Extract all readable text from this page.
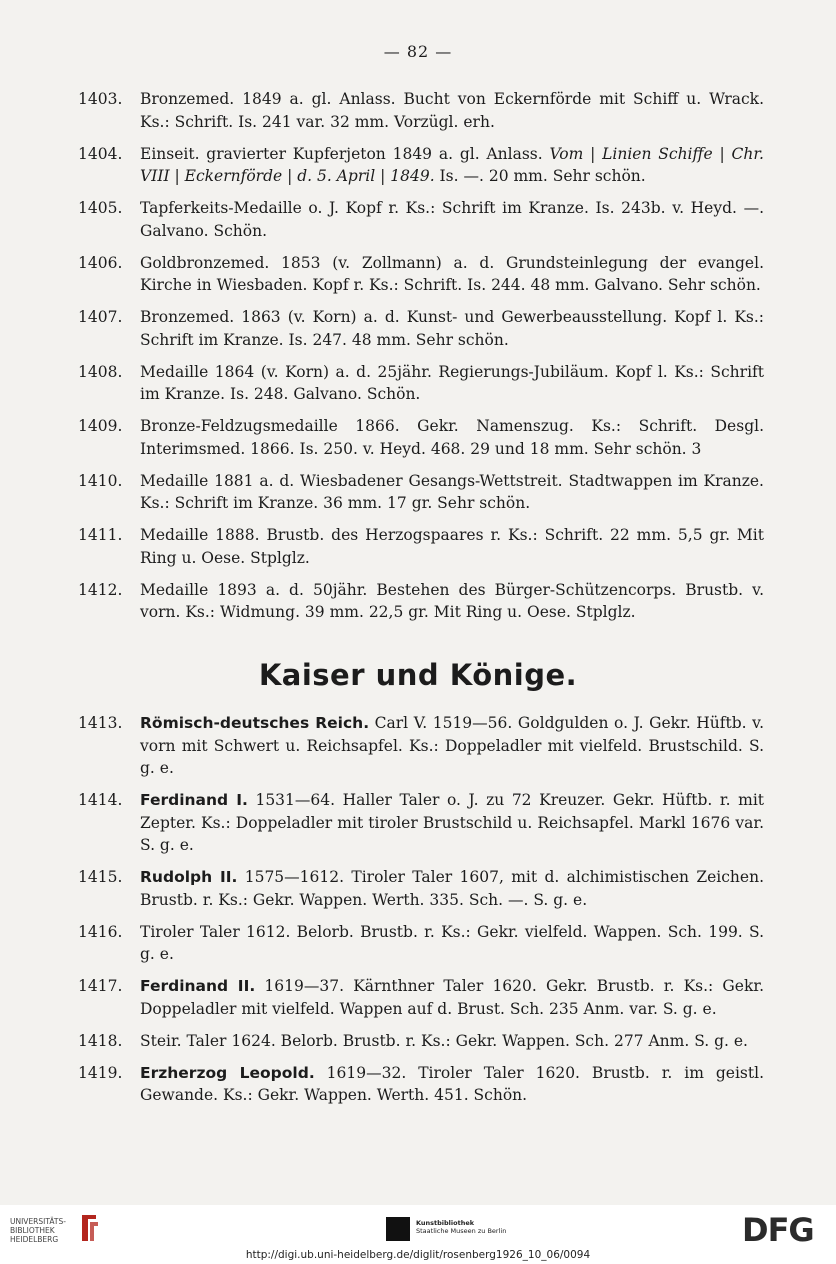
— 82 —
1403.	Bronzemed. 1849 a. gl. Anlass. Bucht von Eckernförde mit Schiff u. Wrack. Ks.: Schrift. Is. 241 var. 32 mm. Vorzügl. erh.
1404.	Einseit. gravierter Kupferjeton 1849 a. gl. Anlass. Vom | Linien Schiffe | Chr. VIII | Eckernförde | d. 5. April | 1849. Is. —. 20 mm. Sehr schön.
1405.	Tapferkeits-Medaille o. J. Kopf r. Ks.: Schrift im Kranze. Is. 243b. v. Heyd. —. Galvano. Schön.
1406.	Goldbronzemed. 1853 (v. Zollmann) a. d. Grundsteinlegung der evangel. Kirche in Wiesbaden. Kopf r. Ks.: Schrift. Is. 244. 48 mm. Galvano. Sehr schön.
1407.	Bronzemed. 1863 (v. Korn) a. d. Kunst- und Gewerbeausstellung. Kopf l. Ks.: Schrift im Kranze. Is. 247. 48 mm. Sehr schön.
1408.	Medaille 1864 (v. Korn) a. d. 25jähr. Regierungs-Jubiläum. Kopf l. Ks.: Schrift im Kranze. Is. 248. Galvano. Schön.
1409.	Bronze-Feldzugsmedaille 1866. Gekr. Namenszug. Ks.: Schrift. Desgl. Interimsmed. 1866. Is. 250. v. Heyd. 468. 29 und 18 mm. Sehr schön. 3
1410.	Medaille 1881 a. d. Wiesbadener Gesangs-Wettstreit. Stadtwappen im Kranze. Ks.: Schrift im Kranze. 36 mm. 17 gr. Sehr schön.
1411.	Medaille 1888. Brustb. des Herzogspaares r. Ks.: Schrift. 22 mm. 5,5 gr. Mit Ring u. Oese. Stplglz.
1412.	Medaille 1893 a. d. 50jähr. Bestehen des Bürger-Schützencorps. Brustb. v. vorn. Ks.: Widmung. 39 mm. 22,5 gr. Mit Ring u. Oese. Stplglz.
Kaiser und Könige.
1413.	Römisch-deutsches Reich. Carl V. 1519—56. Goldgulden o. J. Gekr. Hüftb. v. vorn mit Schwert u. Reichsapfel. Ks.: Doppeladler mit vielfeld. Brustschild. S. g. e.
1414.	Ferdinand I. 1531—64. Haller Taler o. J. zu 72 Kreuzer. Gekr. Hüftb. r. mit Zepter. Ks.: Doppeladler mit tiroler Brustschild u. Reichsapfel. Markl 1676 var. S. g. e.
1415.	Rudolph II. 1575—1612. Tiroler Taler 1607, mit d. alchimistischen Zeichen. Brustb. r. Ks.: Gekr. Wappen. Werth. 335. Sch. —. S. g. e.
1416.	Tiroler Taler 1612. Belorb. Brustb. r. Ks.: Gekr. vielfeld. Wappen. Sch. 199. S. g. e.
1417.	Ferdinand II. 1619—37. Kärnthner Taler 1620. Gekr. Brustb. r. Ks.: Gekr. Doppeladler mit vielfeld. Wappen auf d. Brust. Sch. 235 Anm. var. S. g. e.
1418.	Steir. Taler 1624. Belorb. Brustb. r. Ks.: Gekr. Wappen. Sch. 277 Anm. S. g. e.
1419.	Erzherzog Leopold. 1619—32. Tiroler Taler 1620. Brustb. r. im geistl. Gewande. Ks.: Gekr. Wappen. Werth. 451. Schön.
UNIVERSITÄTS-
BIBLIOTHEK
HEIDELBERG
Kunstbibliothek
Staatliche Museen zu Berlin	DFG
http://digi.ub.uni-heidelberg.de/diglit/rosenberg1926_10_06/0094
